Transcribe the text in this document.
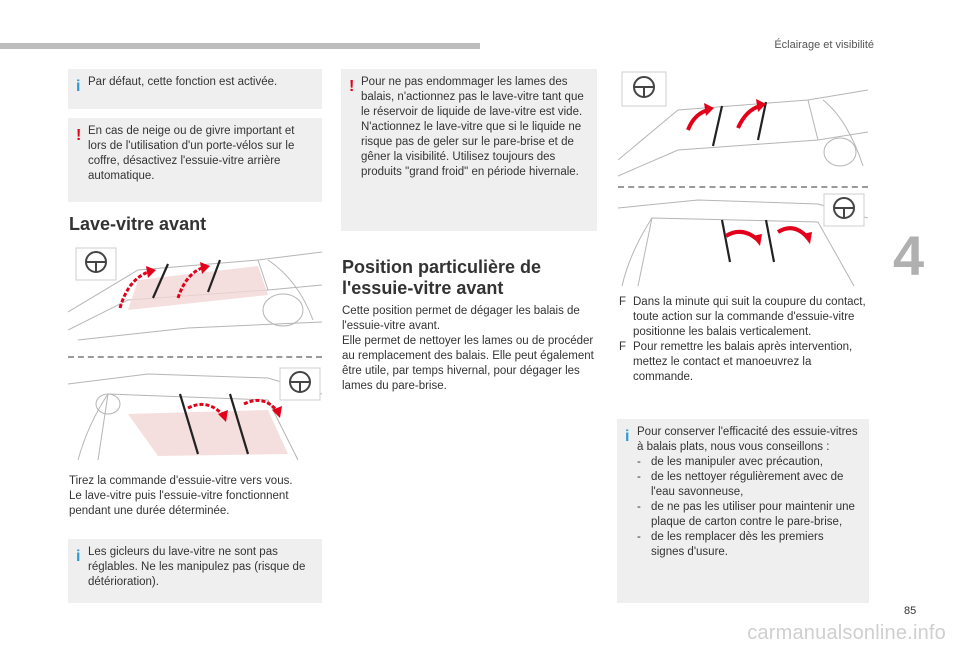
Éclairage et visibilité
4
i Par défaut, cette fonction est activée.

! En cas de neige ou de givre important et lors de l'utilisation d'un porte-vélos sur le coffre, désactivez l'essuie-vitre arrière automatique.

Lave-vitre avant

Tirez la commande d'essuie-vitre vers vous.

Le lave-vitre puis l'essuie-vitre fonctionnent pendant une durée déterminée.

i Les gicleurs du lave-vitre ne sont pas réglables. Ne les manipulez pas (risque de détérioration).

! Pour ne pas endommager les lames des balais, n'actionnez pas le lave-vitre tant que le réservoir de liquide de lave-vitre est vide.

N'actionnez le lave-vitre que si le liquide ne risque pas de geler sur le pare-brise et de gêner la visibilité. Utilisez toujours des produits "grand froid" en période hivernale.

Position particulière de l'essuie-vitre avant

Cette position permet de dégager les balais de l'essuie-vitre avant.

Elle permet de nettoyer les lames ou de procéder au remplacement des balais. Elle peut également être utile, par temps hivernal, pour dégager les lames du pare-brise.

F Dans la minute qui suit la coupure du contact, toute action sur la commande d'essuie-vitre positionne les balais verticalement.
F Pour remettre les balais après intervention, mettez le contact et manoeuvrez la commande.
i Pour conserver l'efficacité des essuie-vitres à balais plats, nous vous conseillons :

- de les manipuler avec précaution,
- de les nettoyer régulièrement avec de l'eau savonneuse,
- de ne pas les utiliser pour maintenir une plaque de carton contre le pare-brise,
- de les remplacer dès les premiers signes d'usure.
85
carmanualsonline.info
